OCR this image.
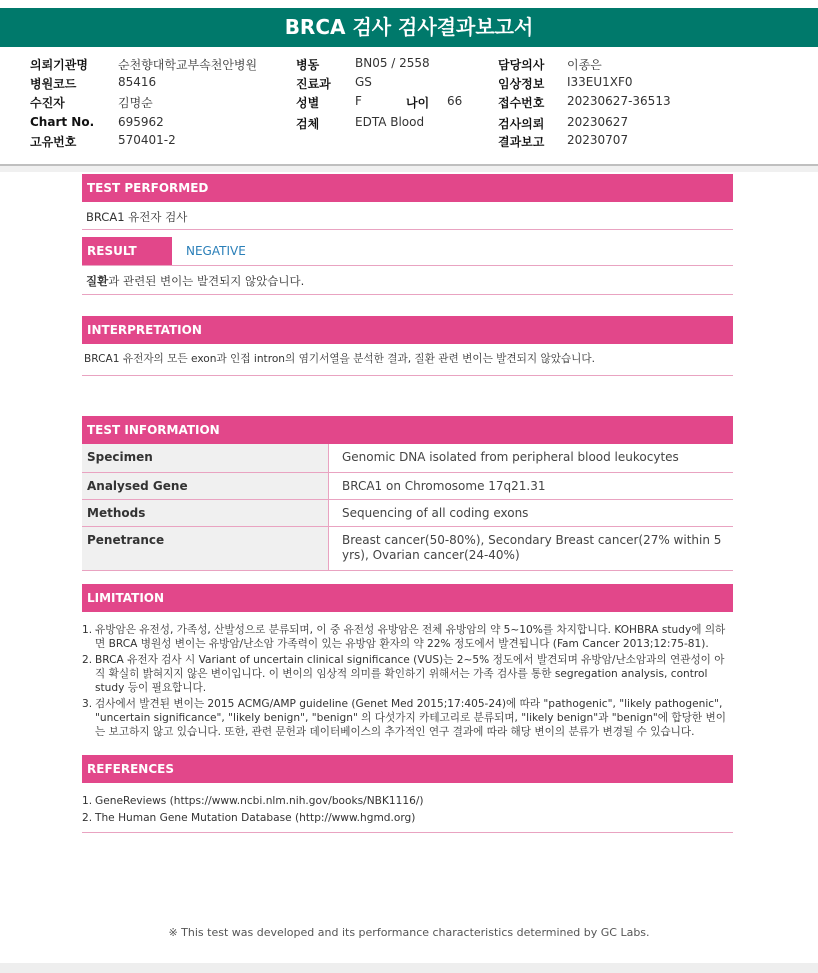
BRCA 검사 검사결과보고서
의뢰기관명	순천향대학교부속천안병원	병동	BN05 / 2558	담당의사 이종은
병원코드	85416	진료과 GS	임상정보 I33EU1XF0
수진자	김명순	성별	F	나이 66	접수번호 20230627-36513
Chart No. 695962	검체	EDTA Blood	검사의뢰 20230627
고유번호	570401-2	결과보고 20230707
TEST PERFORMED
BRCA1 유전자 검사
RESULT	NEGATIVE
질환과 관련된 변이는 발견되지 않았습니다.
INTERPRETATION
BRCA1 유전자의 모든 exon과 인접 intron의 염기서열을 분석한 결과, 질환 관련 변이는 발견되지 않았습니다.
TEST INFORMATION
Specimen	Genomic DNA isolated from peripheral blood leukocytes
Analysed Gene	BRCA1 on Chromosome 17q21.31
Methods	Sequencing of all coding exons
Penetrance	Breast cancer(50-80%), Secondary Breast cancer(27% within 5 yrs), Ovarian cancer(24-40%)
LIMITATION
1. 유방암은 유전성, 가족성, 산발성으로 분류되며, 이 중 유전성 유방암은 전체 유방암의 약 5~10%를 차지합니다. KOHBRA study에 의하면 BRCA 병원성 변이는 유방암/난소암 가족력이 있는 유방암 환자의 약 22% 정도에서 발견됩니다 (Fam Cancer 2013;12:75-81).
2. BRCA 유전자 검사 시 Variant of uncertain clinical significance (VUS)는 2~5% 정도에서 발견되며 유방암/난소암과의 연관성이 아직 확실히 밝혀지지 않은 변이입니다. 이 변이의 임상적 의미를 확인하기 위해서는 가족 검사를 통한 segregation analysis, control study 등이 필요합니다.
3. 검사에서 발견된 변이는 2015 ACMG/AMP guideline (Genet Med 2015;17:405-24)에 따라 "pathogenic", "likely pathogenic", "uncertain significance", "likely benign", "benign" 의 다섯가지 카테고리로 분류되며, "likely benign"과 "benign"에 합당한 변이는 보고하지 않고 있습니다. 또한, 관련 문헌과 데이터베이스의 추가적인 연구 결과에 따라 해당 변이의 분류가 변경될 수 있습니다.
REFERENCES
1. GeneReviews (https://www.ncbi.nlm.nih.gov/books/NBK1116/)
2. The Human Gene Mutation Database (http://www.hgmd.org)
※ This test was developed and its performance characteristics determined by GC Labs.
